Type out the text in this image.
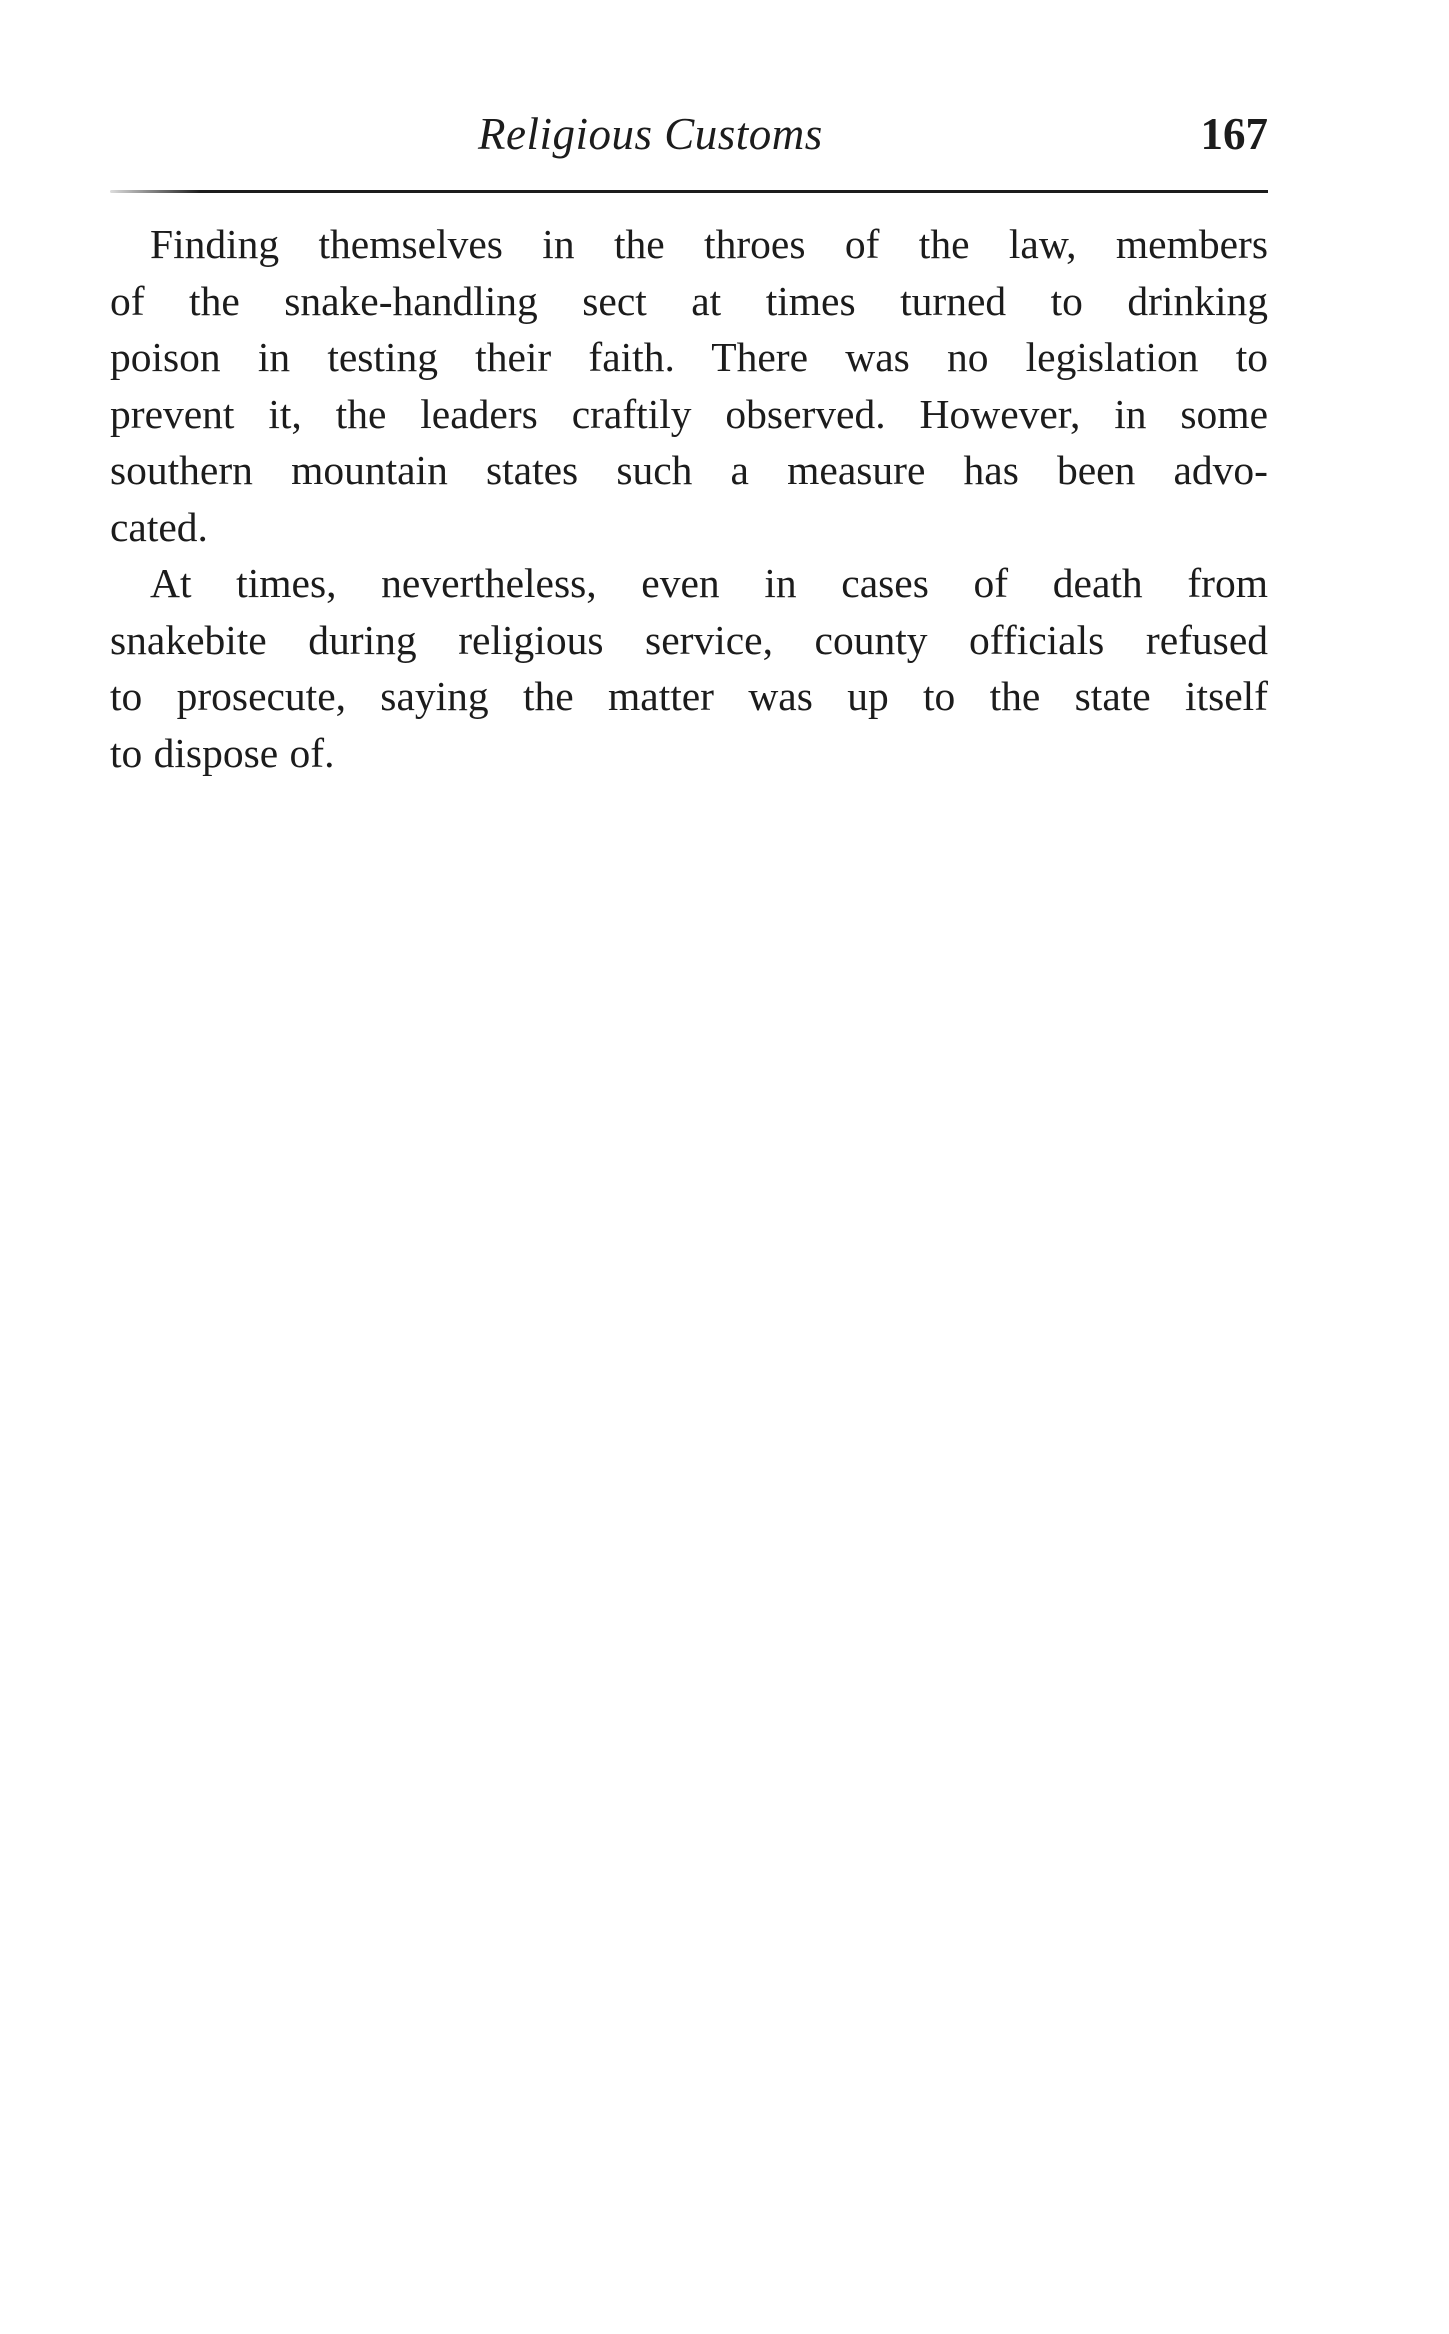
Religious Customs	167

Finding themselves in the throes of the law, members
of the snake-handling sect at times turned to drinking
poison in testing their faith. There was no legislation to
prevent it, the leaders craftily observed. However, in some
southern mountain states such a measure has been advo-
cated.

At times, nevertheless, even in cases of death from
snakebite during religious service, county officials refused
to prosecute, saying the matter was up to the state itself
to dispose of.
